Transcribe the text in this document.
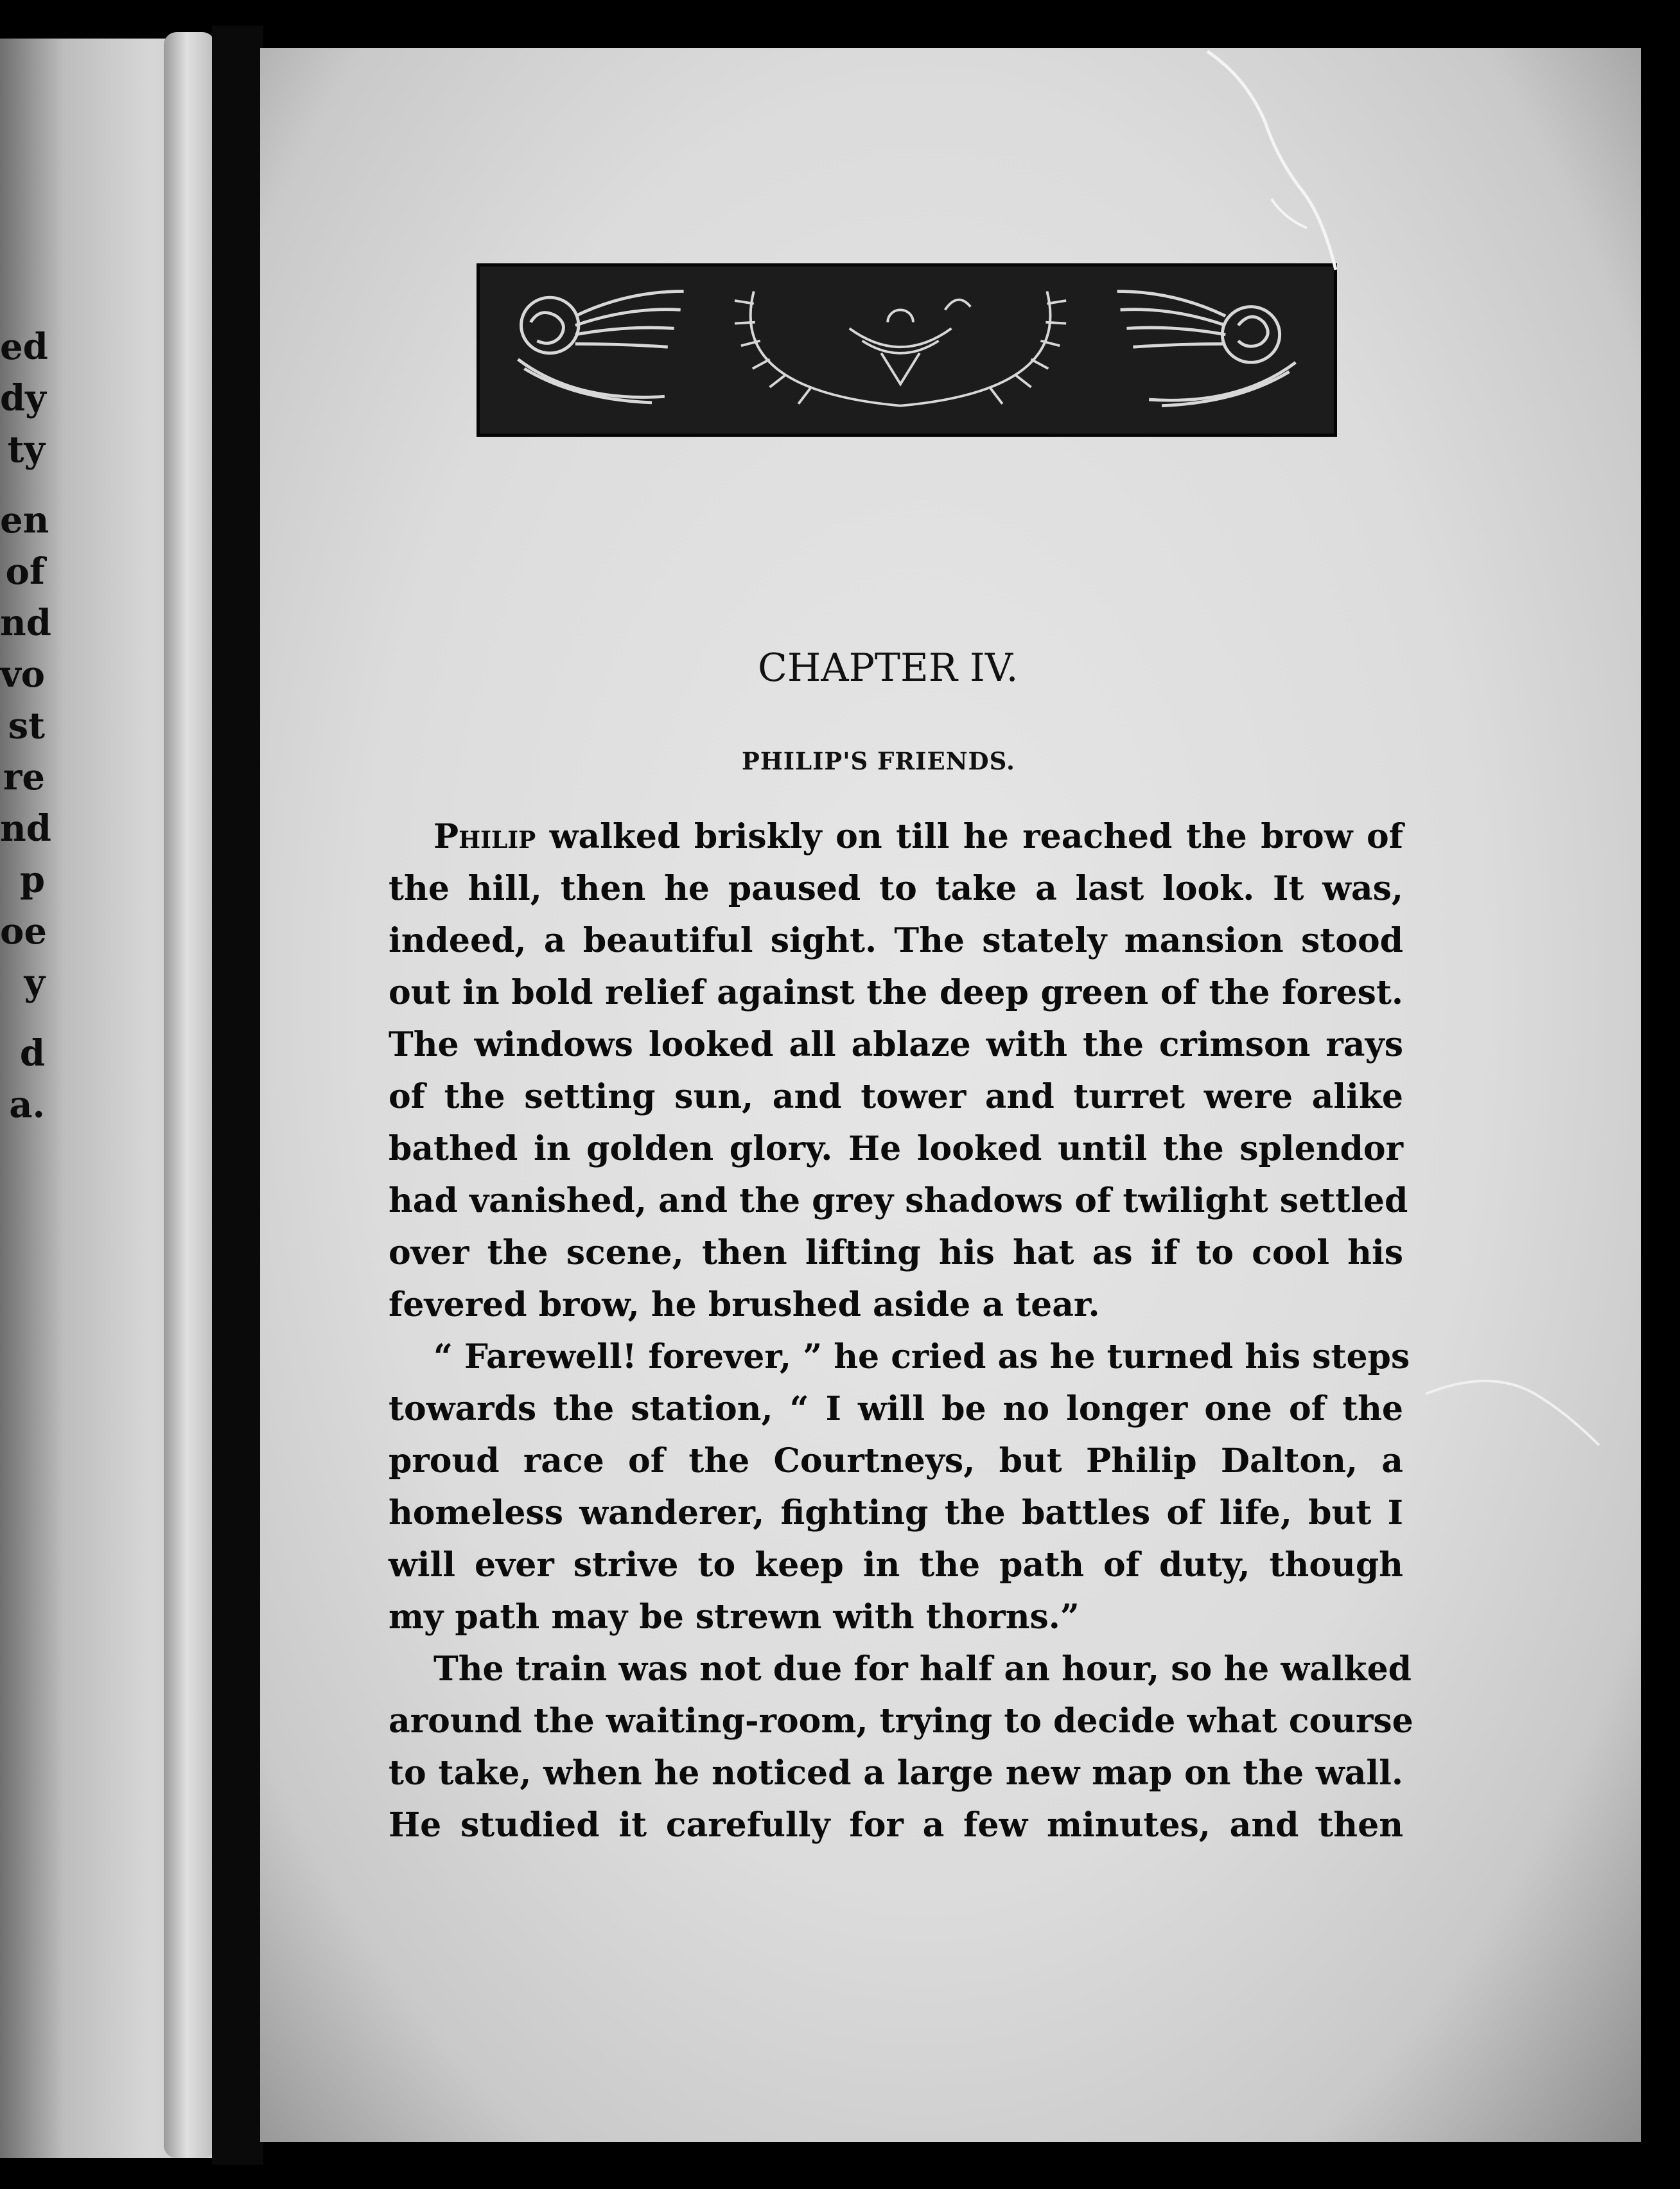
ed
dy
ty
en
of
nd
vo
st
re
nd
p
oe
y
d
a.
CHAPTER IV.
PHILIP'S FRIENDS.
Philip walked briskly on till he reached the brow of
the hill, then he paused to take a last look. It was,
indeed, a beautiful sight. The stately mansion stood
out in bold relief against the deep green of the forest.
The windows looked all ablaze with the crimson rays
of the setting sun, and tower and turret were alike
bathed in golden glory. He looked until the splendor
had vanished, and the grey shadows of twilight settled
over the scene, then lifting his hat as if to cool his
fevered brow, he brushed aside a tear.
“ Farewell! forever, ” he cried as he turned his steps
towards the station, “ I will be no longer one of the
proud race of the Courtneys, but Philip Dalton, a
homeless wanderer, fighting the battles of life, but I
will ever strive to keep in the path of duty, though
my path may be strewn with thorns.”
The train was not due for half an hour, so he walked
around the waiting-room, trying to decide what course
to take, when he noticed a large new map on the wall.
He studied it carefully for a few minutes, and then
